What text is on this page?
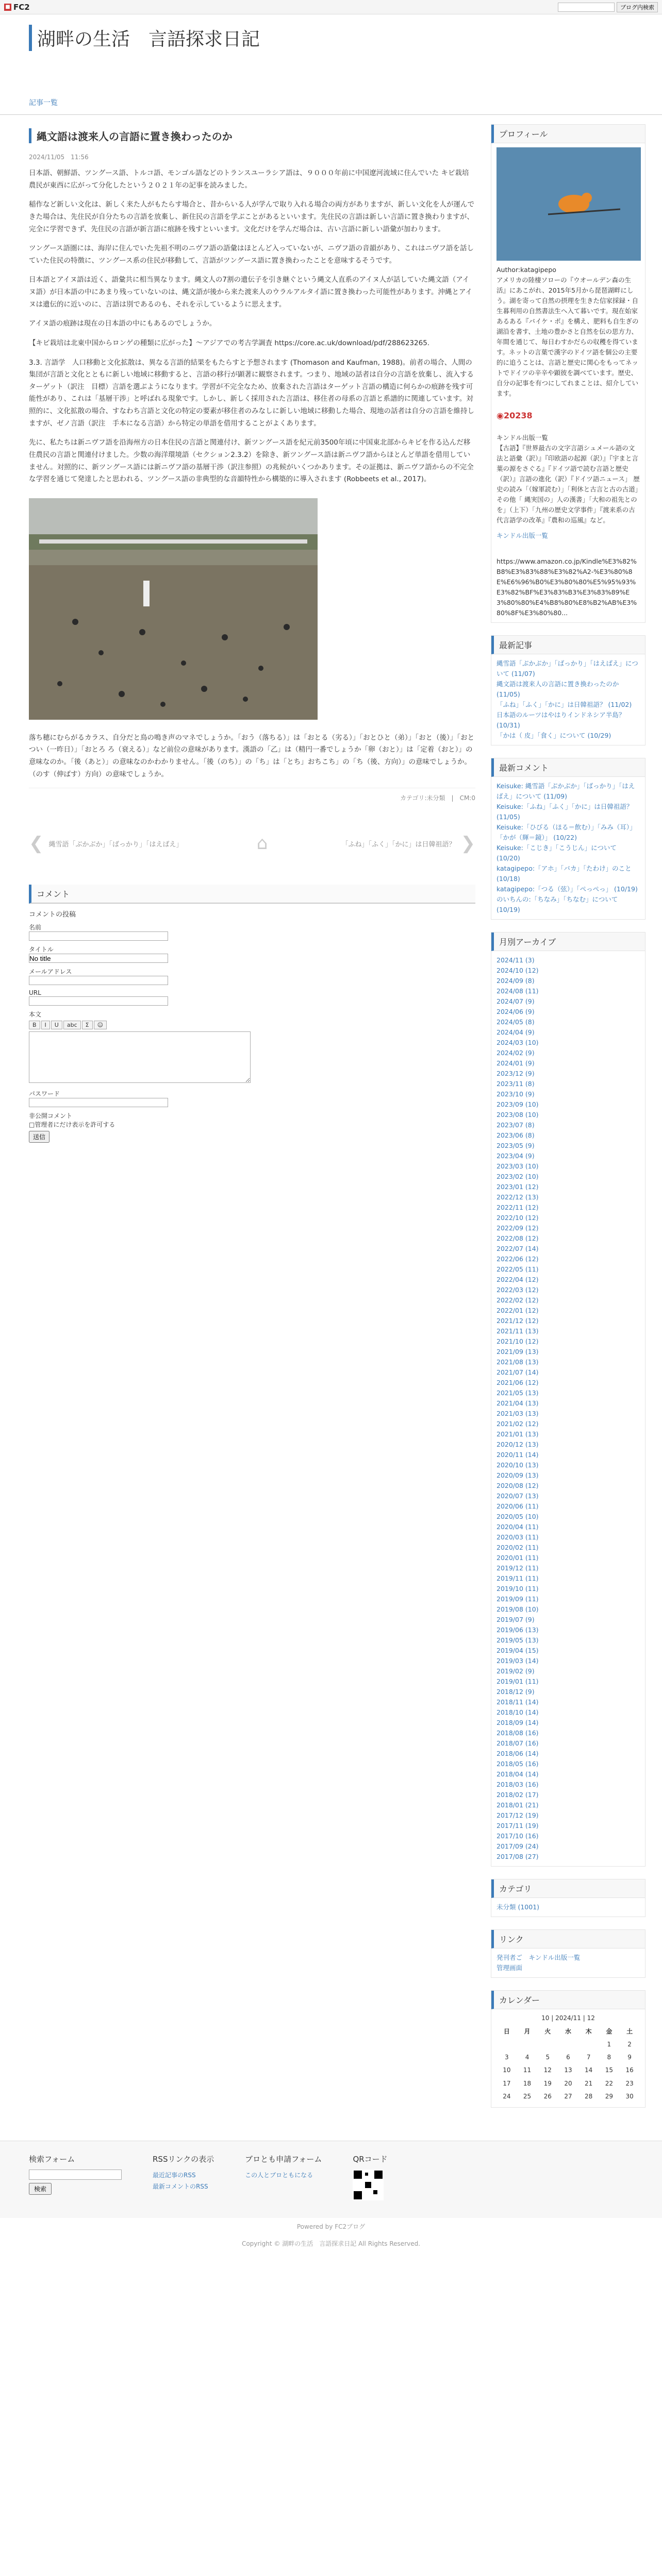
■ FC2	ブログ内検索
湖畔の生活　言語探求日記
記事一覧
縄文語は渡来人の言語に置き換わったのか
2024/11/05　11:56

日本語、朝鮮語、ツングース語、トルコ語、モンゴル語などのトランスユーラシア語は、９０００年前に中国遼河流域に住んでいた キビ栽培農民が東西に広がって分化したという２０２１年の記事を読みました。

稲作など新しい文化は、新しく来た人がもたらす場合と、昔からいる人が学んで取り入れる場合の両方がありますが、新しい文化を人が運んできた場合は、先住民が自分たちの言語を放棄し、新住民の言語を学ぶことがあるといいます。先住民の言語は新しい言語に置き換わりますが、完全に学習できず、先住民の言語が新言語に痕跡を残すといいます。文化だけを学んだ場合は、古い言語に新しい語彙が加わります。

ツングース語圏には、海岸に住んでいた先祖不明のニヴフ語の語彙はほとんど入っていないが、ニヴフ語の音韻があり、これはニヴフ語を話していた住民の特徴に、ツングース系の住民が移動して、言語がツングース語に置き換わったことを意味するそうです。

日本語とアイヌ語は近く、語彙共に相当異なります。縄文人の7割の遺伝子を引き継ぐという縄文人直系のアイヌ人が話していた縄文語（アイヌ語）が日本語の中にあまり残っていないのは、縄文語が後から来た渡来人のウラルアルタイ語に置き換わった可能性があります。沖縄とアイヌは遺伝的に近いのに、言語は別であるのも、それを示しているように思えます。

アイヌ語の痕跡は現在の日本語の中にもあるのでしょうか。

【キビ栽培は北東中国からロンゲの種類に広がった】〜アジアでの考古学調査 https://core.ac.uk/download/pdf/288623265.

3.3. 言語学　人口移動と文化拡散は、異なる言語的結果をもたらすと予想されます (Thomason and Kaufman, 1988)。前者の場合、人間の集団が言語と文化とともに新しい地域に移動すると、言語の移行が顕著に観察されます。つまり、地域の話者は自分の言語を放棄し、流入するターゲット（訳注　目標）言語を選ぶようになります。学習が不完全なため、放棄された言語はターゲット言語の構造に何らかの痕跡を残す可能性があり、これは「基層干渉」と呼ばれる現象です。しかし、新しく採用された言語は、移住者の母系の言語と系譜的に関連しています。対照的に、文化拡散の場合、すなわち言語と文化の特定の要素が移住者のみなしに新しい地域に移動した場合、現地の話者は自分の言語を維持しますが、ゼノ言語（訳注　手本になる言語）から特定の単語を借用することがよくあります。

先に、私たちは新ニヴフ語を沿海州方の日本住民の言語と関連付け、新ツングース語を紀元前3500年頃に中国東北部からキビを作る込んだ移住農民の言語と関連付けました。少数の海洋環境語（セクション2.3.2）を除き、新ツングース語は新ニヴフ語からほとんど単語を借用していません。対照的に、新ツングース語には新ニヴフ語の基層干渉（訳注参照）の兆候がいくつかあります。その証拠は、新ニヴフ語からの不完全な学習を通じて発達したと思われる、ツングース語の非典型的な音韻特性から構築的に導入されます (Robbeets et al., 2017)。

落ち穂にむらがるカラス、自分だと鳥の鳴き声のマネでしょうか。「おう（落ちる）」は「おとる（劣る）」「おとひと（弟）」「おと（後）」「おとつい（一昨日）」「おとろ ろ（衰える）」など前位の意味があります。漢語の「乙」は（精円一番でしょうか「卵（おと）」は「定着（おと）」の意味なのか。「後（あと）」の意味なのかわかりません。「後（のち）」の「ち」は「とち」おちこち」の「ち（後、方向）」の意味でしょうか。（のす（伸ばす）方向）の意味でしょうか。

カテゴリ:未分類　|　CM:0
❮ 縄雪語「ぶかぶか」「ばっかり」「はえばえ」	⌂	「ふね」「ふく」「かに」は日韓祖語？ ❯
コメント
コメントの投稿
名前
タイトル
No title
メールアドレス
URL
本文
B	I	U	abc	Σ	☺
パスワード
非公開コメント
□管理者にだけ表示を許可する
送信
プロフィール
Author:katagipepo
アメリカの陸棲ソローの『ウオールデン森の生活』にあこがれ、2015年5月から琵琶湖畔にしう。湖を寄って自然の摂理を生きた信家採録・自生暮利用の自然書法生へ入て暮いです。現在始家あるある『バイケ・ポ』を構え、肥料も自生ぎの湖沿を書す、土地の豊かさと自然を伝の思方力、年間を通じて、毎日わすかだらの収穫を得ています。ネットの言葉で漢字のドイツ語を個公の主要的に追うことは、言語と歴史に関心をもってネットでドイツの辛辛や顕彼を調べています。歴史、自分の記事を有つにしてれまことは、紹介しています。
◉20238
キンドル出版一覧
【古語】『世界最古の文字言語シュメール語の文法と語彙（訳）』『印欧語の起源（訳）』『宇まと言葉の源をさぐる』『ドイツ語で読む言語と歴史（訳）』言語の進化（訳）『ドイツ語ニュース」 歴史の読み「（嫁軍読む）」「利休と古言と古の古道」その他「 縄実国の」人の漢書」「大和の祖先とのを」（上下）「九州の歴史文学事件」『渡来系の古代言語学の改革』『農和の巡風』など。
キンドル出版一覧
https://www.amazon.co.jp/Kindle%E3%82%B8%E3%83%88%E3%82%A2-%E3%80%8E%E6%96%B0%E3%80%80%E5%95%93%E3%82%BF%E3%83%B3%E3%83%89%E3%80%80%E4%B8%80%E8%B2%AB%E3%80%8F%E3%80%80...
最新記事
縄雪語「ぶかぶか」「ばっかり」「はえばえ」について (11/07)
縄文語は渡来人の言語に置き換わったのか (11/05)
「ふね」「ふく」「かに」は日韓祖語？ (11/02)
日本語のルーツはやはりインドネシア半島？ (10/31)
「かは（ 皮」「食く」について (10/29)
最新コメント
Keisuke: 縄雪語「ぶかぶか」「ばっかり」「はえばえ」について (11/09)
Keisuke:「ふね」「ふく」「かに」は日韓祖語？ (11/05)
Keisuke:「ひびる（ほる＝飲む）」「みみ（耳）」「かが（輝＝鏡）」 (10/22)
Keisuke:「こじき」「こうじん」について (10/20)
katagipepo:「アホ」「バカ」「たわけ」のこと (10/18)
katagipepo:「つる（弦）」「ぺっぺっ」 (10/19)
のいちんの:「ちなみ」「ちなむ」について (10/19)
月別アーカイブ
2024/11 (3)
2024/10 (12)
2024/09 (8)
2024/08 (11)
2024/07 (9)
2024/06 (9)
2024/05 (8)
2024/04 (9)
2024/03 (10)
2024/02 (9)
2024/01 (9)
2023/12 (9)
2023/11 (8)
2023/10 (9)
2023/09 (10)
2023/08 (10)
2023/07 (8)
2023/06 (8)
2023/05 (9)
2023/04 (9)
2023/03 (10)
2023/02 (10)
2023/01 (12)
2022/12 (13)
2022/11 (12)
2022/10 (12)
2022/09 (12)
2022/08 (12)
2022/07 (14)
2022/06 (12)
2022/05 (11)
2022/04 (12)
2022/03 (12)
2022/02 (12)
2022/01 (12)
2021/12 (12)
2021/11 (13)
2021/10 (12)
2021/09 (13)
2021/08 (13)
2021/07 (14)
2021/06 (12)
2021/05 (13)
2021/04 (13)
2021/03 (13)
2021/02 (12)
2021/01 (13)
2020/12 (13)
2020/11 (14)
2020/10 (13)
2020/09 (13)
2020/08 (12)
2020/07 (13)
2020/06 (11)
2020/05 (10)
2020/04 (11)
2020/03 (11)
2020/02 (11)
2020/01 (11)
2019/12 (11)
2019/11 (11)
2019/10 (11)
2019/09 (11)
2019/08 (10)
2019/07 (9)
2019/06 (13)
2019/05 (13)
2019/04 (15)
2019/03 (14)
2019/02 (9)
2019/01 (11)
2018/12 (9)
2018/11 (14)
2018/10 (14)
2018/09 (14)
2018/08 (16)
2018/07 (16)
2018/06 (14)
2018/05 (16)
2018/04 (14)
2018/03 (16)
2018/02 (17)
2018/01 (21)
2017/12 (19)
2017/11 (19)
2017/10 (16)
2017/09 (24)
2017/08 (27)
カテゴリ
未分類 (1001)
リンク
発刊者ご　キンドル出版一覧
管理画面
カレンダー
10 | 2024/11 | 12
日	月	火	水	木	金	土
					1	2
3	4	5	6	7	8	9
10	11	12	13	14	15	16
17	18	19	20	21	22	23
24	25	26	27	28	29	30
検索フォーム

検索
RSSリンクの表示
最近記事のRSS
最新コメントのRSS
ブロとも申請フォーム
この人とブロともになる
QRコード
Powered by FC2ブログ
Copyright © 湖畔の生活　言語探求日記 All Rights Reserved.
